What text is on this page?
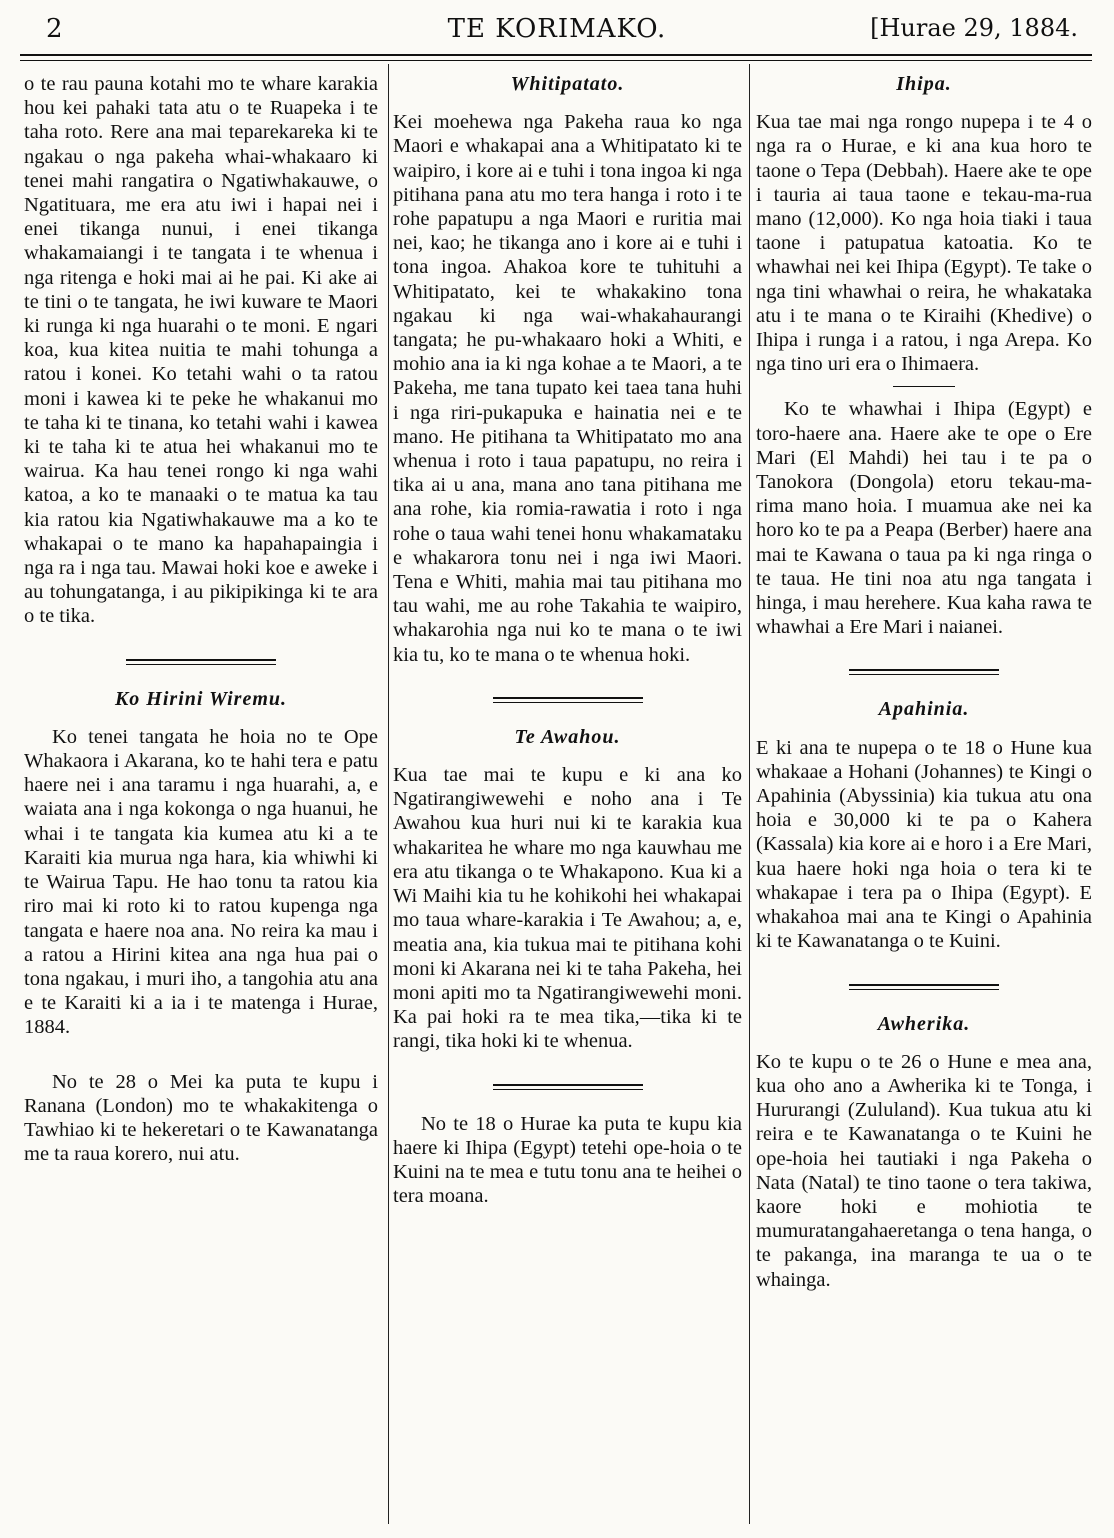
2	TE KORIMAKO.	[Hurae 29, 1884.

o te rau pauna kotahi mo te whare karakia hou kei pahaki tata atu o te Ruapeka i te taha roto. Rere ana mai teparekareka ki te ngakau o nga pakeha whai-whakaaro ki tenei mahi rangatira o Ngatiwhakauwe, o Ngatituara, me era atu iwi i hapai nei i enei tikanga nunui, i enei tikanga whakamaiangi i te tangata i te whenua i nga ritenga e hoki mai ai he pai. Ki ake ai te tini o te tangata, he iwi kuware te Maori ki runga ki nga huarahi o te moni. E ngari koa, kua kitea nuitia te mahi tohunga a ratou i konei. Ko tetahi wahi o ta ratou moni i kawea ki te peke he whakanui mo te taha ki te tinana, ko tetahi wahi i kawea ki te taha ki te atua hei whakanui mo te wairua. Ka hau tenei rongo ki nga wahi katoa, a ko te manaaki o te matua ka tau kia ratou kia Ngatiwhakauwe ma a ko te whakapai o te mano ka hapahapaingia i nga ra i nga tau. Mawai hoki koe e aweke i au tohungatanga, i au pikipikinga ki te ara o te tika.

Ko Hirini Wiremu.

Ko tenei tangata he hoia no te Ope Whakaora i Akarana, ko te hahi tera e patu haere nei i ana taramu i nga huarahi, a, e waiata ana i nga kokonga o nga huanui, he whai i te tangata kia kumea atu ki a te Karaiti kia murua nga hara, kia whiwhi ki te Wairua Tapu. He hao tonu ta ratou kia riro mai ki roto ki to ratou kupenga nga tangata e haere noa ana. No reira ka mau i a ratou a Hirini kitea ana nga hua pai o tona ngakau, i muri iho, a tangohia atu ana e te Karaiti ki a ia i te matenga i Hurae, 1884.

No te 28 o Mei ka puta te kupu i Ranana (London) mo te whakakitenga o Tawhiao ki te hekeretari o te Kawanatanga me ta raua korero, nui atu.

Whitipatato.

Kei moehewa nga Pakeha raua ko nga Maori e whakapai ana a Whitipatato ki te waipiro, i kore ai e tuhi i tona ingoa ki nga pitihana pana atu mo tera hanga i roto i te rohe papatupu a nga Maori e ruritia mai nei, kao; he tikanga ano i kore ai e tuhi i tona ingoa. Ahakoa kore te tuhituhi a Whitipatato, kei te whakakino tona ngakau ki nga wai-whakahaurangi tangata; he pu-whakaaro hoki a Whiti, e mohio ana ia ki nga kohae a te Maori, a te Pakeha, me tana tupato kei taea tana huhi i nga riri-pukapuka e hainatia nei e te mano. He pitihana ta Whitipatato mo ana whenua i roto i taua papatupu, no reira i tika ai u ana, mana ano tana pitihana me ana rohe, kia romia-rawatia i roto i nga rohe o taua wahi tenei honu whakamataku e whakarora tonu nei i nga iwi Maori. Tena e Whiti, mahia mai tau pitihana mo tau wahi, me au rohe Takahia te waipiro, whakarohia nga nui ko te mana o te iwi kia tu, ko te mana o te whenua hoki.

Te Awahou.

Kua tae mai te kupu e ki ana ko Ngatirangiwewehi e noho ana i Te Awahou kua huri nui ki te karakia kua whakaritea he whare mo nga kauwhau me era atu tikanga o te Whakapono. Kua ki a Wi Maihi kia tu he kohikohi hei whakapai mo taua whare-karakia i Te Awahou; a, e, meatia ana, kia tukua mai te pitihana kohi moni ki Akarana nei ki te taha Pakeha, hei moni apiti mo ta Ngatirangiwewehi moni. Ka pai hoki ra te mea tika,—tika ki te rangi, tika hoki ki te whenua.

No te 18 o Hurae ka puta te kupu kia haere ki Ihipa (Egypt) tetehi ope-hoia o te Kuini na te mea e tutu tonu ana te heihei o tera moana.

Ihipa.

Kua tae mai nga rongo nupepa i te 4 o nga ra o Hurae, e ki ana kua horo te taone o Tepa (Debbah). Haere ake te ope i tauria ai taua taone e tekau-ma-rua mano (12,000). Ko nga hoia tiaki i taua taone i patupatua katoatia. Ko te whawhai nei kei Ihipa (Egypt). Te take o nga tini whawhai o reira, he whakataka atu i te mana o te Kiraihi (Khedive) o Ihipa i runga i a ratou, i nga Arepa. Ko nga tino uri era o Ihimaera.

Ko te whawhai i Ihipa (Egypt) e toro-haere ana. Haere ake te ope o Ere Mari (El Mahdi) hei tau i te pa o Tanokora (Dongola) etoru tekau-ma-rima mano hoia. I muamua ake nei ka horo ko te pa a Peapa (Berber) haere ana mai te Kawana o taua pa ki nga ringa o te taua. He tini noa atu nga tangata i hinga, i mau herehere. Kua kaha rawa te whawhai a Ere Mari i naianei.

Apahinia.

E ki ana te nupepa o te 18 o Hune kua whakaae a Hohani (Johannes) te Kingi o Apahinia (Abyssinia) kia tukua atu ona hoia e 30,000 ki te pa o Kahera (Kassala) kia kore ai e horo i a Ere Mari, kua haere hoki nga hoia o tera ki te whakapae i tera pa o Ihipa (Egypt). E whakahoa mai ana te Kingi o Apahinia ki te Kawanatanga o te Kuini.

Awherika.

Ko te kupu o te 26 o Hune e mea ana, kua oho ano a Awherika ki te Tonga, i Hururangi (Zululand). Kua tukua atu ki reira e te Kawanatanga o te Kuini he ope-hoia hei tautiaki i nga Pakeha o Nata (Natal) te tino taone o tera takiwa, kaore hoki e mohiotia te mumuratangahaeretanga o tena hanga, o te pakanga, ina maranga te ua o te whainga.
